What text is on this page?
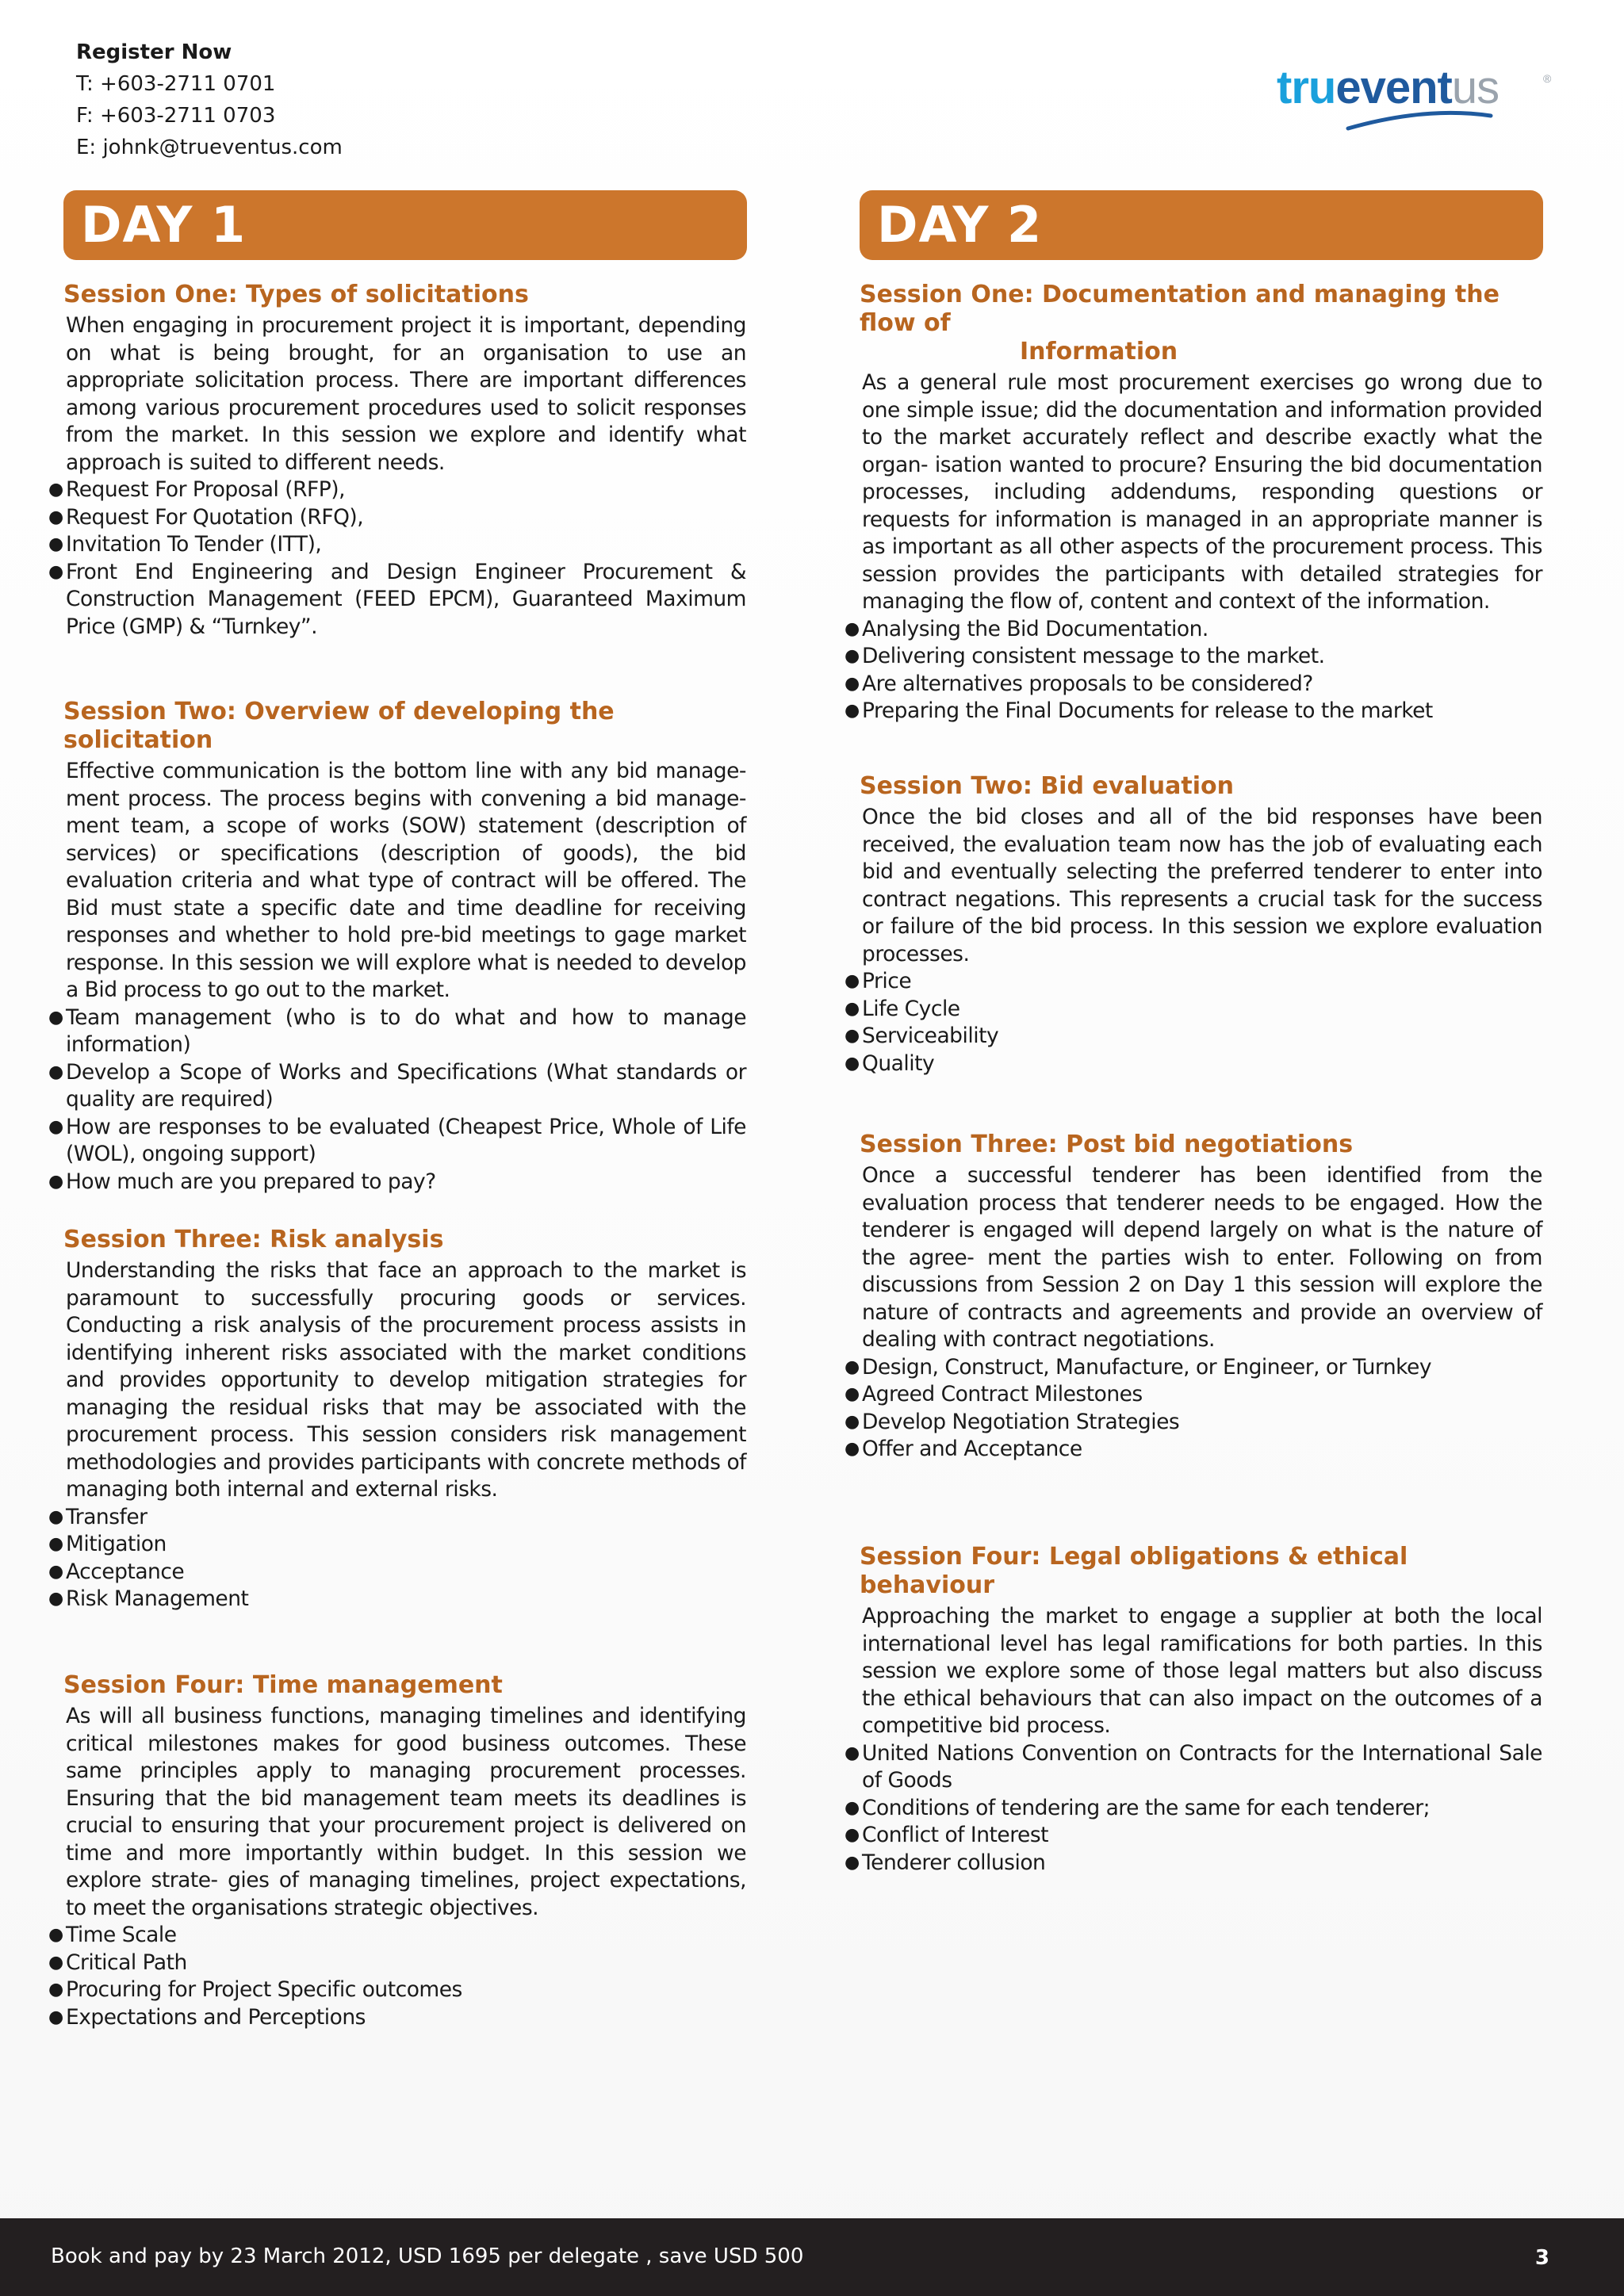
Register Now
T: +603-2711 0701
F: +603-2711 0703
E: johnk@trueventus.com
trueventus	®
DAY 1
Session One: Types of solicitations

When engaging in procurement project it is important, depending on what is being brought, for an organisation to use an appropriate solicitation process. There are important differences among various procurement procedures used to solicit responses from the market. In this session we explore and identify what approach is suited to different needs.

● Request For Proposal (RFP),
● Request For Quotation (RFQ),
● Invitation To Tender (ITT),
● Front End Engineering and Design Engineer Procurement & Construction Management (FEED EPCM), Guaranteed Maximum Price (GMP) & “Turnkey”.
Session Two: Overview of developing the solicitation

Effective communication is the bottom line with any bid manage- ment process. The process begins with convening a bid manage- ment team, a scope of works (SOW) statement (description of services) or specifications (description of goods), the bid evaluation criteria and what type of contract will be offered. The Bid must state a specific date and time deadline for receiving responses and whether to hold pre-bid meetings to gage market response. In this session we will explore what is needed to develop a Bid process to go out to the market.

● Team management (who is to do what and how to manage information)
● Develop a Scope of Works and Specifications (What standards or quality are required)
● How are responses to be evaluated (Cheapest Price, Whole of Life (WOL), ongoing support)
● How much are you prepared to pay?
Session Three: Risk analysis

Understanding the risks that face an approach to the market is paramount to successfully procuring goods or services. Conducting a risk analysis of the procurement process assists in identifying inherent risks associated with the market conditions and provides opportunity to develop mitigation strategies for managing the residual risks that may be associated with the procurement process. This session considers risk management methodologies and provides participants with concrete methods of managing both internal and external risks.

● Transfer
● Mitigation
● Acceptance
● Risk Management
Session Four: Time management

As will all business functions, managing timelines and identifying critical milestones makes for good business outcomes. These same principles apply to managing procurement processes. Ensuring that the bid management team meets its deadlines is crucial to ensuring that your procurement project is delivered on time and more importantly within budget. In this session we explore strate- gies of managing timelines, project expectations, to meet the organisations strategic objectives.

● Time Scale
● Critical Path
● Procuring for Project Specific outcomes
● Expectations and Perceptions
DAY 2
Session One: Documentation and managing the flow of
Information

As a general rule most procurement exercises go wrong due to one simple issue; did the documentation and information provided to the market accurately reflect and describe exactly what the organ- isation wanted to procure? Ensuring the bid documentation processes, including addendums, responding questions or requests for information is managed in an appropriate manner is as important as all other aspects of the procurement process. This session provides the participants with detailed strategies for managing the flow of, content and context of the information.

● Analysing the Bid Documentation.
● Delivering consistent message to the market.
● Are alternatives proposals to be considered?
● Preparing the Final Documents for release to the market
Session Two: Bid evaluation

Once the bid closes and all of the bid responses have been received, the evaluation team now has the job of evaluating each bid and eventually selecting the preferred tenderer to enter into contract negations. This represents a crucial task for the success or failure of the bid process. In this session we explore evaluation processes.

● Price
● Life Cycle
● Serviceability
● Quality
Session Three: Post bid negotiations

Once a successful tenderer has been identified from the evaluation process that tenderer needs to be engaged. How the tenderer is engaged will depend largely on what is the nature of the agree- ment the parties wish to enter. Following on from discussions from Session 2 on Day 1 this session will explore the nature of contracts and agreements and provide an overview of dealing with contract negotiations.

● Design, Construct, Manufacture, or Engineer, or Turnkey
● Agreed Contract Milestones
● Develop Negotiation Strategies
● Offer and Acceptance
Session Four: Legal obligations & ethical behaviour

Approaching the market to engage a supplier at both the local international level has legal ramifications for both parties. In this session we explore some of those legal matters but also discuss the ethical behaviours that can also impact on the outcomes of a competitive bid process.

● United Nations Convention on Contracts for the International Sale of Goods
● Conditions of tendering are the same for each tenderer;
● Conflict of Interest
● Tenderer collusion
Book and pay by 23 March 2012, USD 1695 per delegate , save USD 500	3
